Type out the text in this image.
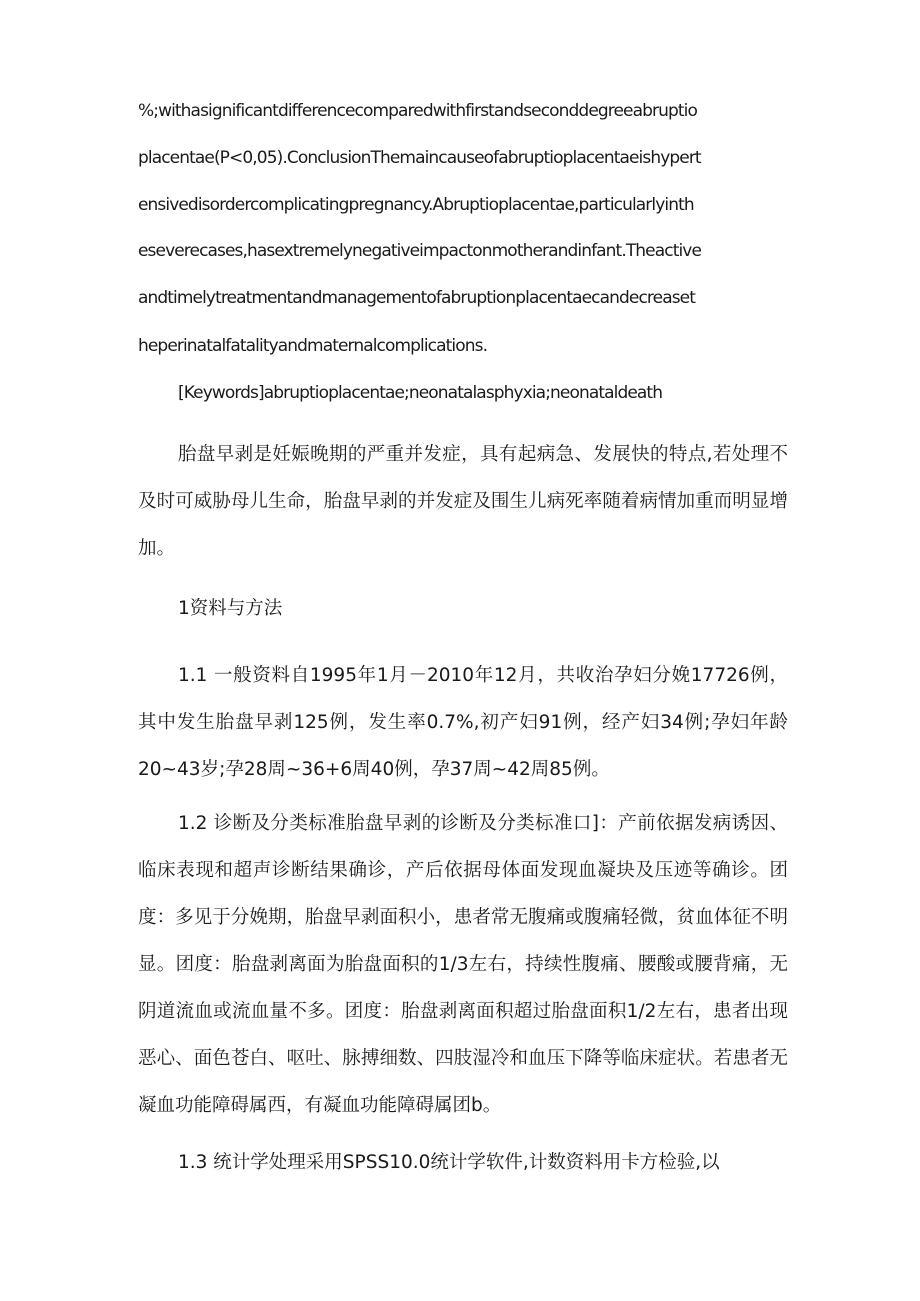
%;withasignificantdifferencecomparedwithfirstandseconddegreeabruptio
placentae(P<0,05).ConclusionThemaincauseofabruptioplacentaeishypert
ensivedisordercomplicatingpregnancy.Abruptioplacentae,particularlyinth
eseverecases,hasextremelynegativeimpactonmotherandinfant.Theactive
andtimelytreatmentandmanagementofabruptionplacentaecandecreaset
heperinatalfatalityandmaternalcomplications.
[Keywords]abruptioplacentae;neonatalasphyxia;neonataldeath

胎盘早剥是妊娠晚期的严重并发症，具有起病急、发展快的特点,若处理不及时可威胁母儿生命，胎盘早剥的并发症及围生儿病死率随着病情加重而明显增加。

1资料与方法

1.1 一般资料自1995年1月－2010年12月，共收治孕妇分娩17726例，其中发生胎盘早剥125例，发生率0.7%,初产妇91例，经产妇34例;孕妇年龄20~43岁;孕28周~36+6周40例，孕37周~42周85例。

1.2 诊断及分类标准胎盘早剥的诊断及分类标准口]：产前依据发病诱因、临床表现和超声诊断结果确诊，产后依据母体面发现血凝块及压迹等确诊。团度：多见于分娩期，胎盘早剥面积小，患者常无腹痛或腹痛轻微，贫血体征不明显。团度：胎盘剥离面为胎盘面积的1/3左右，持续性腹痛、腰酸或腰背痛，无阴道流血或流血量不多。团度：胎盘剥离面积超过胎盘面积1/2左右，患者出现恶心、面色苍白、呕吐、脉搏细数、四肢湿冷和血压下降等临床症状。若患者无凝血功能障碍属西，有凝血功能障碍属团b。

1.3 统计学处理采用SPSS10.0统计学软件,计数资料用卡方检验,以
